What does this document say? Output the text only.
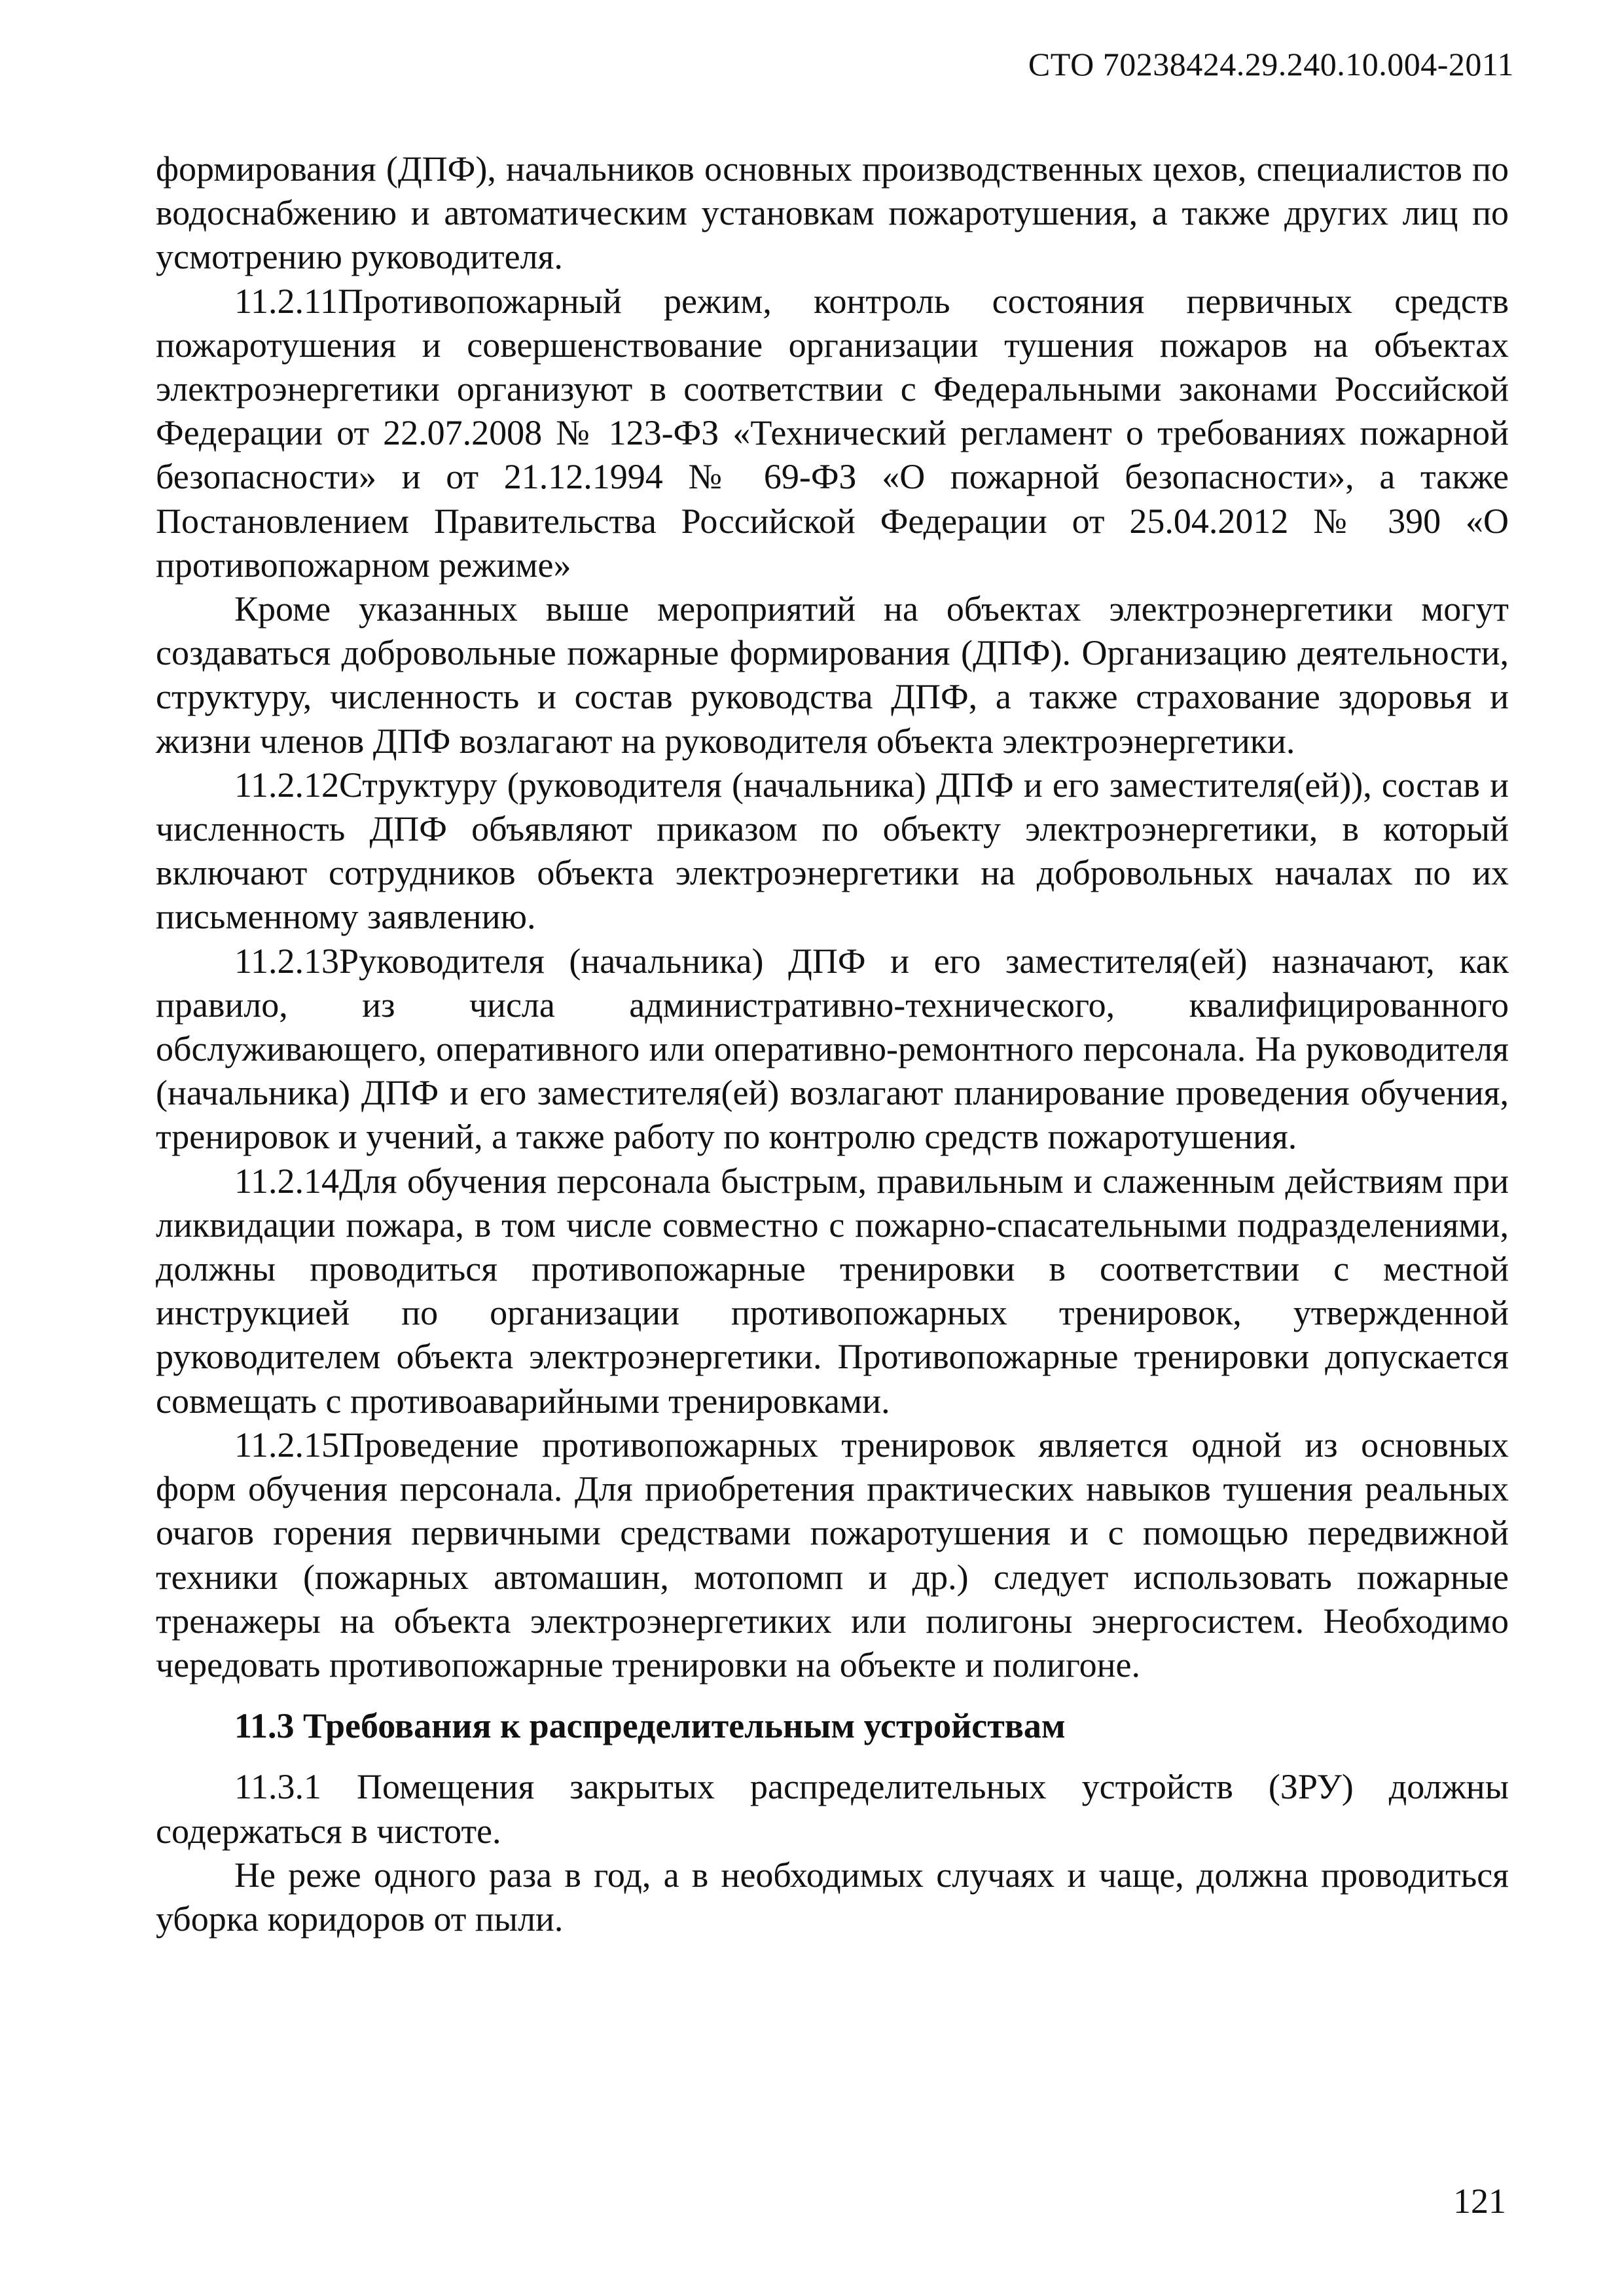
СТО 70238424.29.240.10.004-2011

формирования (ДПФ), начальников основных производственных цехов, специалистов по водоснабжению и автоматическим установкам пожаротушения, а также других лиц по усмотрению руководителя.

11.2.11Противопожарный режим, контроль состояния первичных средств пожаротушения и совершенствование организации тушения пожаров на объектах электроэнергетики организуют в соответствии с Федеральными законами Российской Федерации от 22.07.2008 № 123-ФЗ «Технический регламент о требованиях пожарной безопасности» и от 21.12.1994 № 69-ФЗ «О пожарной безопасности», а также Постановлением Правительства Российской Федерации от 25.04.2012 № 390 «О противопожарном режиме»

Кроме указанных выше мероприятий на объектах электроэнергетики могут создаваться добровольные пожарные формирования (ДПФ). Организацию деятельности, структуру, численность и состав руководства ДПФ, а также страхование здоровья и жизни членов ДПФ возлагают на руководителя объекта электроэнергетики.

11.2.12Структуру (руководителя (начальника) ДПФ и его заместителя(ей)), состав и численность ДПФ объявляют приказом по объекту электроэнергетики, в который включают сотрудников объекта электроэнергетики на добровольных началах по их письменному заявлению.

11.2.13Руководителя (начальника) ДПФ и его заместителя(ей) назначают, как правило, из числа административно-технического, квалифицированного обслуживающего, оперативного или оперативно-ремонтного персонала. На руководителя (начальника) ДПФ и его заместителя(ей) возлагают планирование проведения обучения, тренировок и учений, а также работу по контролю средств пожаротушения.

11.2.14Для обучения персонала быстрым, правильным и слаженным действиям при ликвидации пожара, в том числе совместно с пожарно-спасательными подразделениями, должны проводиться противопожарные тренировки в соответствии с местной инструкцией по организации противопожарных тренировок, утвержденной руководителем объекта электроэнергетики. Противопожарные тренировки допускается совмещать с противоаварийными тренировками.

11.2.15Проведение противопожарных тренировок является одной из основных форм обучения персонала. Для приобретения практических навыков тушения реальных очагов горения первичными средствами пожаротушения и с помощью передвижной техники (пожарных автомашин, мотопомп и др.) следует использовать пожарные тренажеры на объекта электроэнергетиких или полигоны энергосистем. Необходимо чередовать противопожарные тренировки на объекте и полигоне.

11.3 Требования к распределительным устройствам

11.3.1 Помещения закрытых распределительных устройств (ЗРУ) должны содержаться в чистоте.

Не реже одного раза в год, а в необходимых случаях и чаще, должна проводиться уборка коридоров от пыли.

121
